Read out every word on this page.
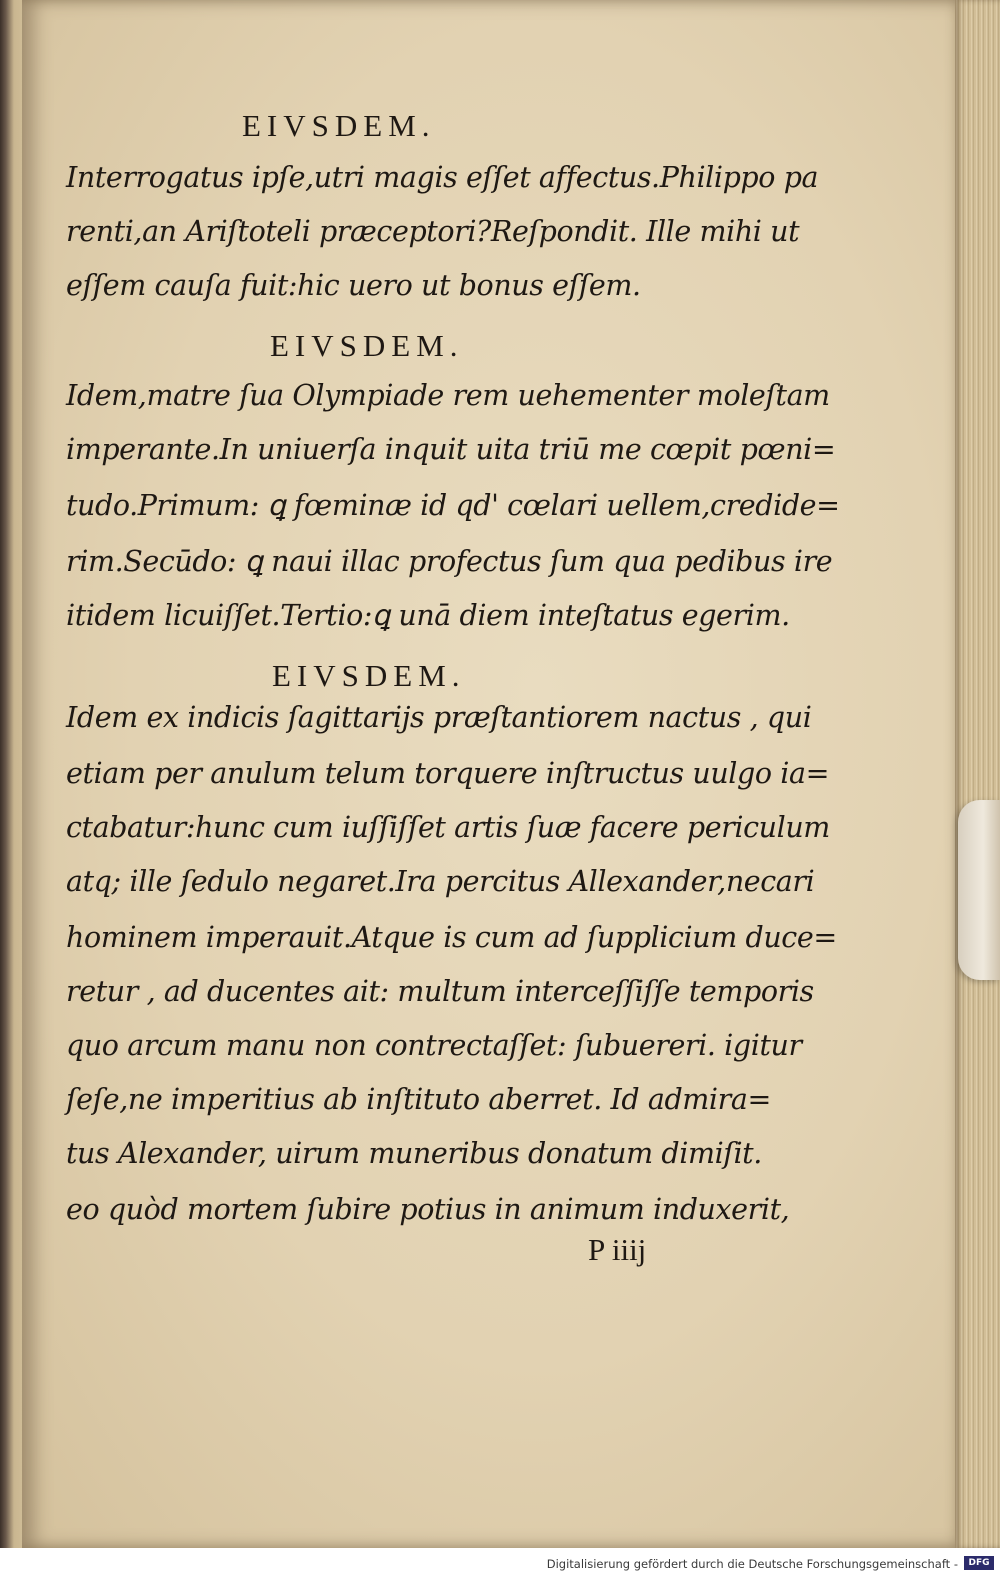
EIVSDEM.
Interrogatus ipſe,utri magis eſſet affectus.Philippo pa
renti,an Ariſtoteli præceptori?Reſpondit. Ille mihi ut
eſſem cauſa fuit:hic uero ut bonus eſſem.
EIVSDEM.
Idem,matre ſua Olympiade rem uehementer moleſtam
imperante.In uniuerſa inquit uita triū me cœpit pœni=
tudo.Primum: ꝗ fœminæ id qd' cœlari uellem,credide=
rim.Secūdo: ꝗ naui illac profectus ſum qua pedibus ire
itidem licuiſſet.Tertio:ꝗ unā diem inteſtatus egerim.
EIVSDEM.
Idem ex indicis ſagittarijs præſtantiorem nactus , qui
etiam per anulum telum torquere inſtructus uulgo ia=
ctabatur:hunc cum iuſſiſſet artis ſuæ facere periculum
atq; ille ſedulo negaret.Ira percitus Allexander,necari
hominem imperauit.Atque is cum ad ſupplicium duce=
retur , ad ducentes ait: multum interceſſiſſe temporis
quo arcum manu non contrectaſſet: ſubuereri. igitur
ſeſe,ne imperitius ab inſtituto aberret. Id admira=
tus Alexander, uirum muneribus donatum dimiſit.
eo quòd mortem ſubire potius in animum induxerit,
P iiij
Digitalisierung gefördert durch die Deutsche Forschungsgemeinschaft -	DFG
